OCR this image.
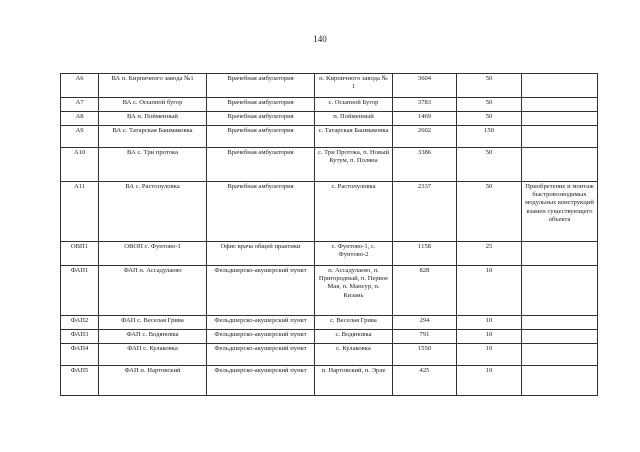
140
А6	ВА п. Кирпичного завода №1	Врачебная амбулатория	п. Кирпичного завода № 1	3604	50	
А7	ВА с. Осыпной бугор	Врачебная амбулатория	с. Осыпной Бугор	3783	50	
А8	ВА п. Пойменный	Врачебная амбулатория	п. Пойменный	1469	50	
А9	ВА с. Татарская Башмаковка	Врачебная амбулатория	с. Татарская Башмаковка	2602	150	
А10	ВА с. Три протока	Врачебная амбулатория	с. Три Протока, п. Новый Кутум, п. Поляна	3386	50	
А11	ВА с. Растопуловка	Врачебная амбулатория	с. Растопуловка	2337	50	Приобретение и монтаж быстровозводимых модульных конструкций взамен существующего объекта
ОВП1	ОВОП с. Фунтово-1	Офис врача общей практики	с. Фунтово-1, с. Фунтово-2	1158	25	
ФАП1	ФАП п. Ассадулаево	Фельдшерско-акушерский пункт	п. Ассадулаево, п. Пригородный, п. Первое Мая, п. Мансур, п. Кизань	828	10	
ФАП2	ФАП с. Веселая Грива	Фельдшерско-акушерский пункт	с. Веселая Грива	294	10	
ФАП3	ФАП с. Водяновка	Фельдшерско-акушерский пункт	с. Водяновка	791	10	
ФАП4	ФАП с. Кулаковка	Фельдшерско-акушерский пункт	с. Кулаковка	1550	10	
ФАП5	ФАП п. Нартовский	Фельдшерско-акушерский пункт	п. Нартовский, п. Эрле	425	10	
